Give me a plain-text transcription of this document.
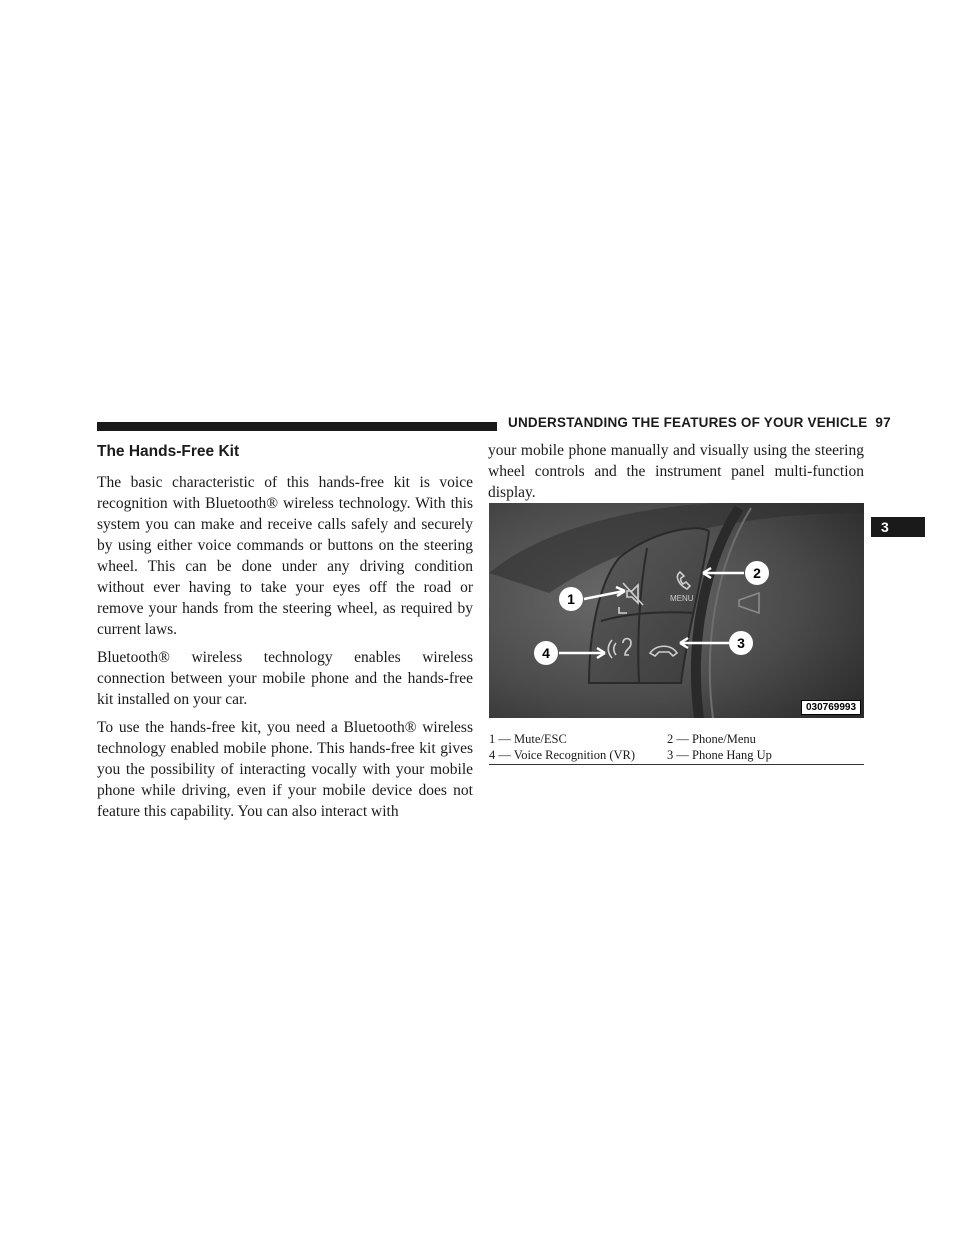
UNDERSTANDING THE FEATURES OF YOUR VEHICLE 97
3
The Hands-Free Kit

The basic characteristic of this hands-free kit is voice recognition with Bluetooth® wireless technology. With this system you can make and receive calls safely and securely by using either voice commands or buttons on the steering wheel. This can be done under any driving condition without ever having to take your eyes off the road or remove your hands from the steering wheel, as required by current laws.

Bluetooth® wireless technology enables wireless connection between your mobile phone and the hands-free kit installed on your car.

To use the hands-free kit, you need a Bluetooth® wireless technology enabled mobile phone. This hands-free kit gives you the possibility of interacting vocally with your mobile phone while driving, even if your mobile device does not feature this capability. You can also interact with

your mobile phone manually and visually using the steering wheel controls and the instrument panel multi-function display.

MENU
1
2
3
4
030769993
1 — Mute/ESC	2 — Phone/Menu
4 — Voice Recognition (VR)	3 — Phone Hang Up
